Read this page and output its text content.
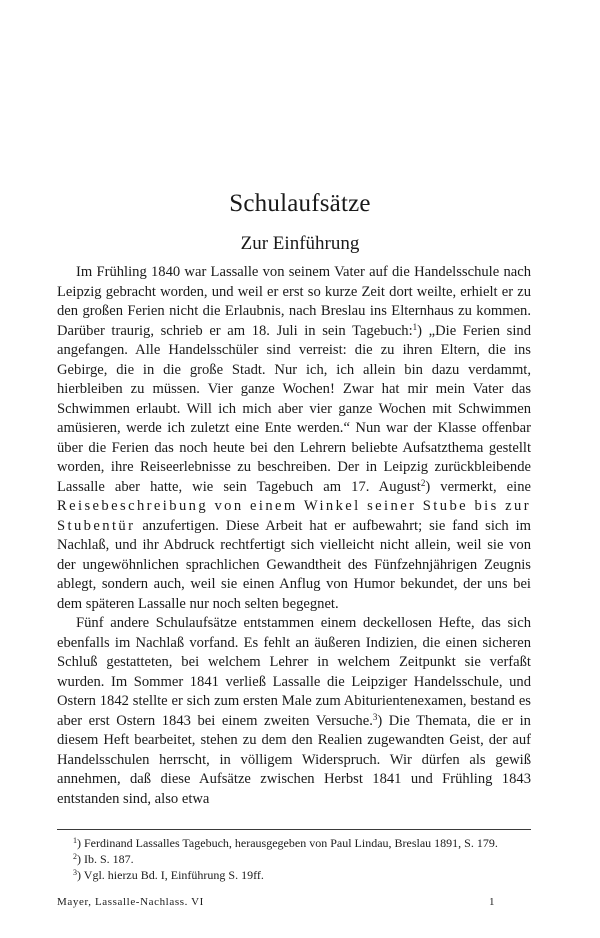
Schulaufsätze
Zur Einführung

Im Frühling 1840 war Lassalle von seinem Vater auf die Handelsschule nach Leipzig gebracht worden, und weil er erst so kurze Zeit dort weilte, erhielt er zu den großen Ferien nicht die Erlaubnis, nach Breslau ins Elternhaus zu kommen. Darüber traurig, schrieb er am 18. Juli in sein Tagebuch:$^1$) „Die Ferien sind angefangen. Alle Handelsschüler sind verreist: die zu ihren Eltern, die ins Gebirge, die in die große Stadt. Nur ich, ich allein bin dazu verdammt, hierbleiben zu müssen. Vier ganze Wochen! Zwar hat mir mein Vater das Schwimmen erlaubt. Will ich mich aber vier ganze Wochen mit Schwimmen amüsieren, werde ich zuletzt eine Ente werden.“ Nun war der Klasse offenbar über die Ferien das noch heute bei den Lehrern beliebte Aufsatzthema gestellt worden, ihre Reiseerlebnisse zu beschreiben. Der in Leipzig zurückbleibende Lassalle aber hatte, wie sein Tagebuch am 17. August$^2$) vermerkt, eine Reisebeschreibung von einem Winkel seiner Stube bis zur Stubentür anzufertigen. Diese Arbeit hat er aufbewahrt; sie fand sich im Nachlaß, und ihr Abdruck rechtfertigt sich vielleicht nicht allein, weil sie von der ungewöhnlichen sprachlichen Gewandtheit des Fünfzehnjährigen Zeugnis ablegt, sondern auch, weil sie einen Anflug von Humor bekundet, der uns bei dem späteren Lassalle nur noch selten begegnet.

Fünf andere Schulaufsätze entstammen einem deckellosen Hefte, das sich ebenfalls im Nachlaß vorfand. Es fehlt an äußeren Indizien, die einen sicheren Schluß gestatteten, bei welchem Lehrer in welchem Zeitpunkt sie verfaßt wurden. Im Sommer 1841 verließ Lassalle die Leipziger Handelsschule, und Ostern 1842 stellte er sich zum ersten Male zum Abiturientenexamen, bestand es aber erst Ostern 1843 bei einem zweiten Versuche.$^3$) Die Themata, die er in diesem Heft bearbeitet, stehen zu dem den Realien zugewandten Geist, der auf Handelsschulen herrscht, in völligem Widerspruch. Wir dürfen als gewiß annehmen, daß diese Aufsätze zwischen Herbst 1841 und Frühling 1843 entstanden sind, also etwa

$^1$) Ferdinand Lassalles Tagebuch, herausgegeben von Paul Lindau, Breslau 1891, S. 179.
$^2$) Ib. S. 187.
$^3$) Vgl. hierzu Bd. I, Einführung S. 19ff.
Mayer, Lassalle-Nachlass. VI	1
